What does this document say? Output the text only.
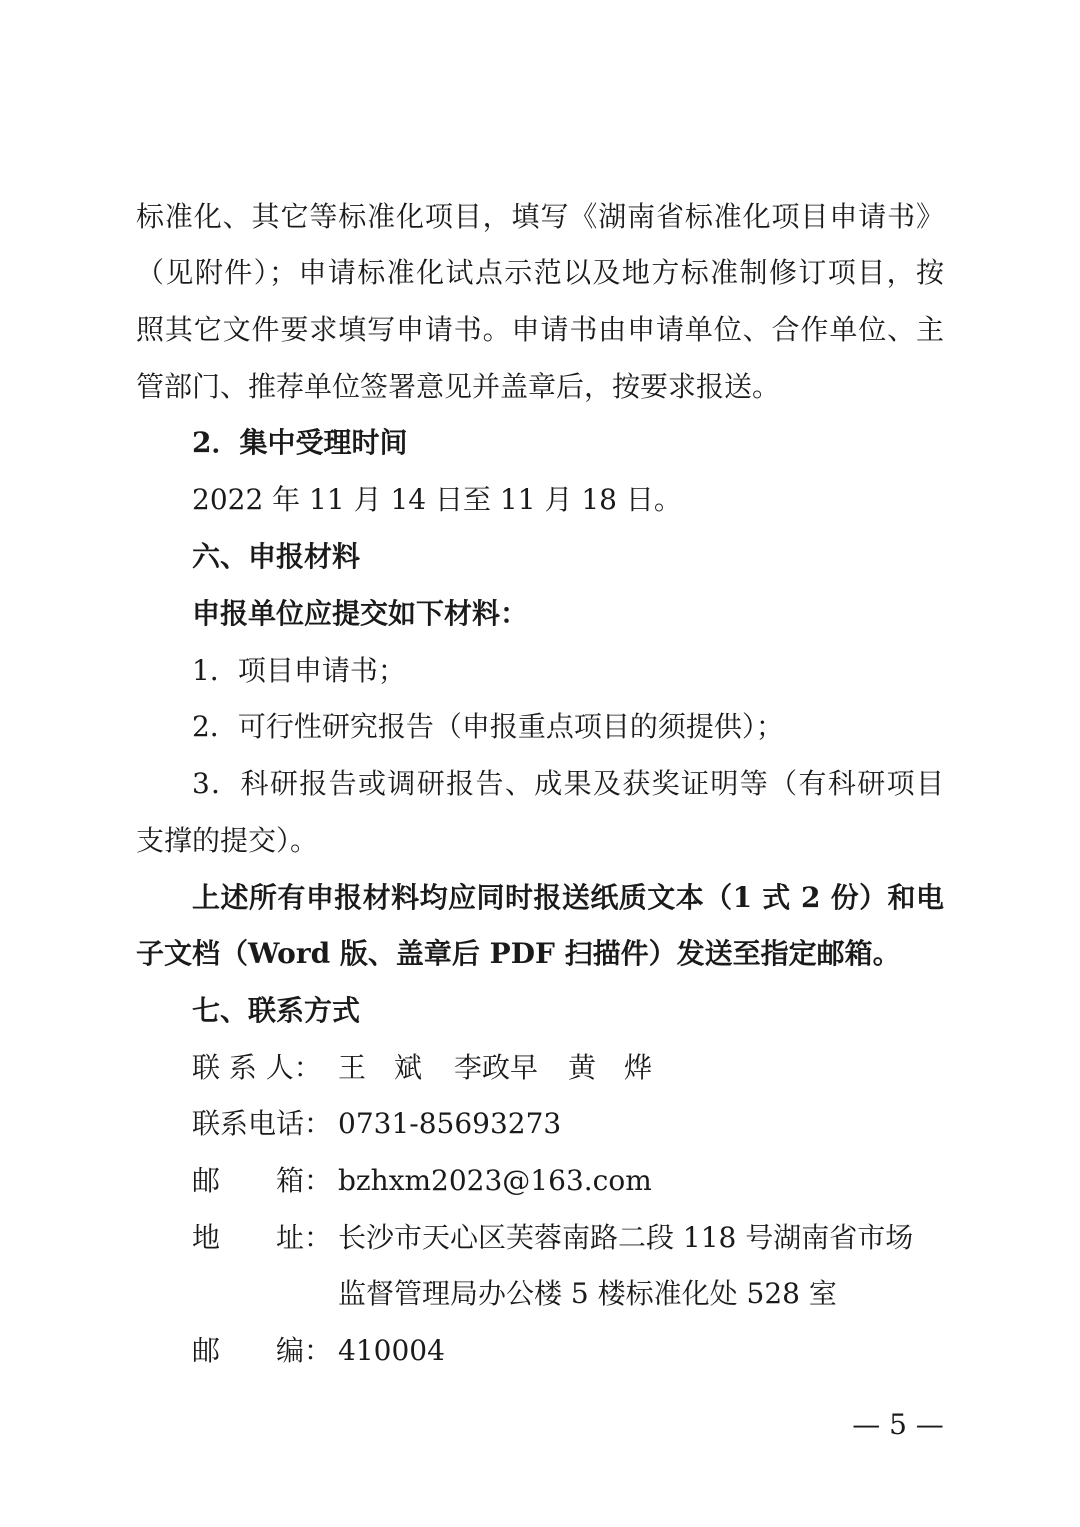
标准化、其它等标准化项目，填写《湖南省标准化项目申请书》
（见附件）；申请标准化试点示范以及地方标准制修订项目，按
照其它文件要求填写申请书。申请书由申请单位、合作单位、主
管部门、推荐单位签署意见并盖章后，按要求报送。
2．集中受理时间
2022 年 11 月 14 日至 11 月 18 日。
六、申报材料
申报单位应提交如下材料：
1．项目申请书；
2．可行性研究报告（申报重点项目的须提供）；
3．科研报告或调研报告、成果及获奖证明等（有科研项目
支撑的提交）。
上述所有申报材料均应同时报送纸质文本（1 式 2 份）和电
子文档（Word 版、盖章后 PDF 扫描件）发送至指定邮箱。
七、联系方式
联 系 人： 王　斌 李政早 黄　烨
联系电话： 0731-85693273
邮　　箱： bzhxm2023@163.com
地　　址： 长沙市天心区芙蓉南路二段 118 号湖南省市场
监督管理局办公楼 5 楼标准化处 528 室
邮　　编： 410004
— 5 —
